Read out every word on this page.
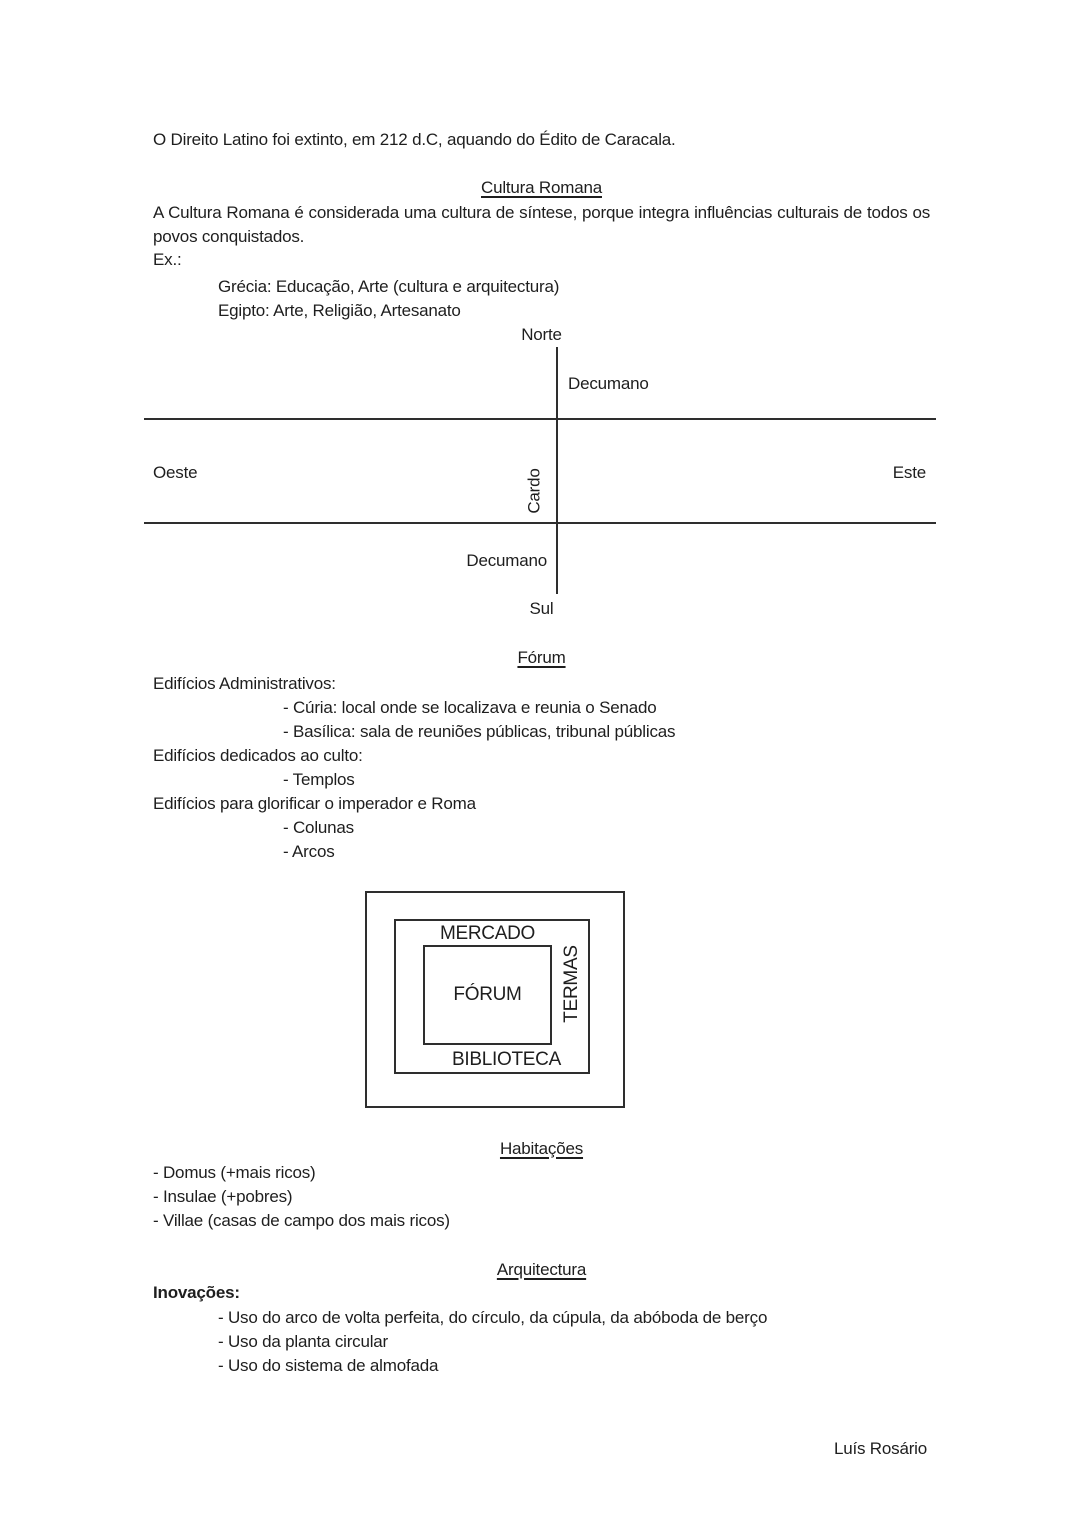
O Direito Latino foi extinto, em 212 d.C, aquando do Édito de Caracala.
Cultura Romana
A Cultura Romana é considerada uma cultura de síntese, porque integra influências culturais de todos os povos conquistados.
Ex.:
Grécia: Educação, Arte (cultura e arquitectura)
Egipto: Arte, Religião, Artesanato
Norte
Decumano
Oeste	Este
Cardo
Decumano
Sul
Fórum
Edifícios Administrativos:
- Cúria: local onde se localizava e reunia o Senado
- Basílica: sala de reuniões públicas, tribunal públicas
Edifícios dedicados ao culto:
- Templos
Edifícios para glorificar o imperador e Roma
- Colunas
- Arcos
MERCADO
FÓRUM	TERMAS
BIBLIOTECA
Habitações
- Domus (+mais ricos)
- Insulae (+pobres)
- Villae (casas de campo dos mais ricos)
Arquitectura
Inovações:
- Uso do arco de volta perfeita, do círculo, da cúpula, da abóboda de berço
- Uso da planta circular
- Uso do sistema de almofada
Luís Rosário
